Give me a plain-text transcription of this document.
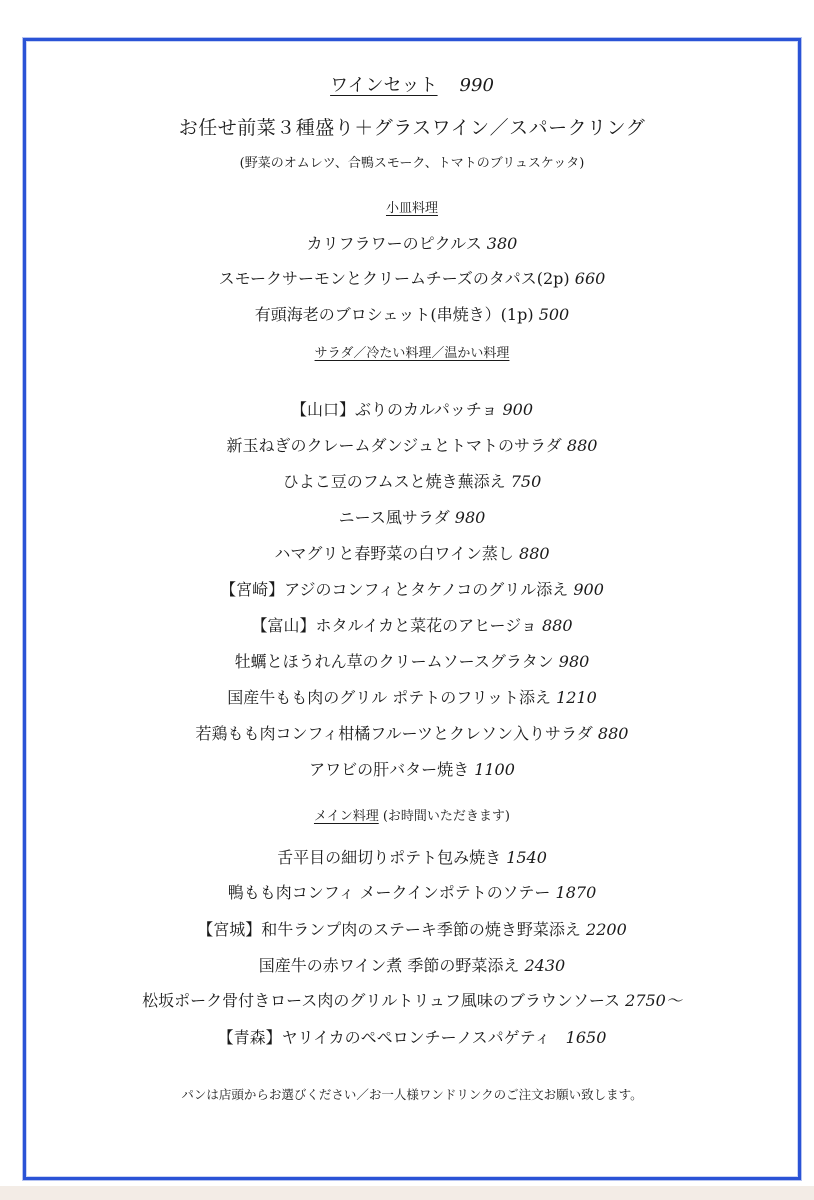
ワインセット 990
お任せ前菜３種盛り＋グラスワイン／スパークリング
(野菜のオムレツ、合鴨スモーク、トマトのブリュスケッタ)
小皿料理
カリフラワーのピクルス 380
スモークサーモンとクリームチーズのタパス(2p) 660
有頭海老のブロシェット(串焼き）(1p) 500
サラダ／冷たい料理／温かい料理
【山口】ぶりのカルパッチョ 900
新玉ねぎのクレームダンジュとトマトのサラダ 880
ひよこ豆のフムスと焼き蕪添え 750
ニース風サラダ 980
ハマグリと春野菜の白ワイン蒸し 880
【宮崎】アジのコンフィとタケノコのグリル添え 900
【富山】ホタルイカと菜花のアヒージョ 880
牡蠣とほうれん草のクリームソースグラタン 980
国産牛もも肉のグリル ポテトのフリット添え 1210
若鶏もも肉コンフィ柑橘フルーツとクレソン入りサラダ 880
アワビの肝バター焼き 1100
メイン料理 (お時間いただきます)
舌平目の細切りポテト包み焼き 1540
鴨もも肉コンフィ メークインポテトのソテー 1870
【宮城】和牛ランプ肉のステーキ季節の焼き野菜添え 2200
国産牛の赤ワイン煮 季節の野菜添え 2430
松坂ポーク骨付きロース肉のグリルトリュフ風味のブラウンソース 2750〜
【青森】ヤリイカのペペロンチーノスパゲティ 1650
パンは店頭からお選びください／お一人様ワンドリンクのご注文お願い致します。
